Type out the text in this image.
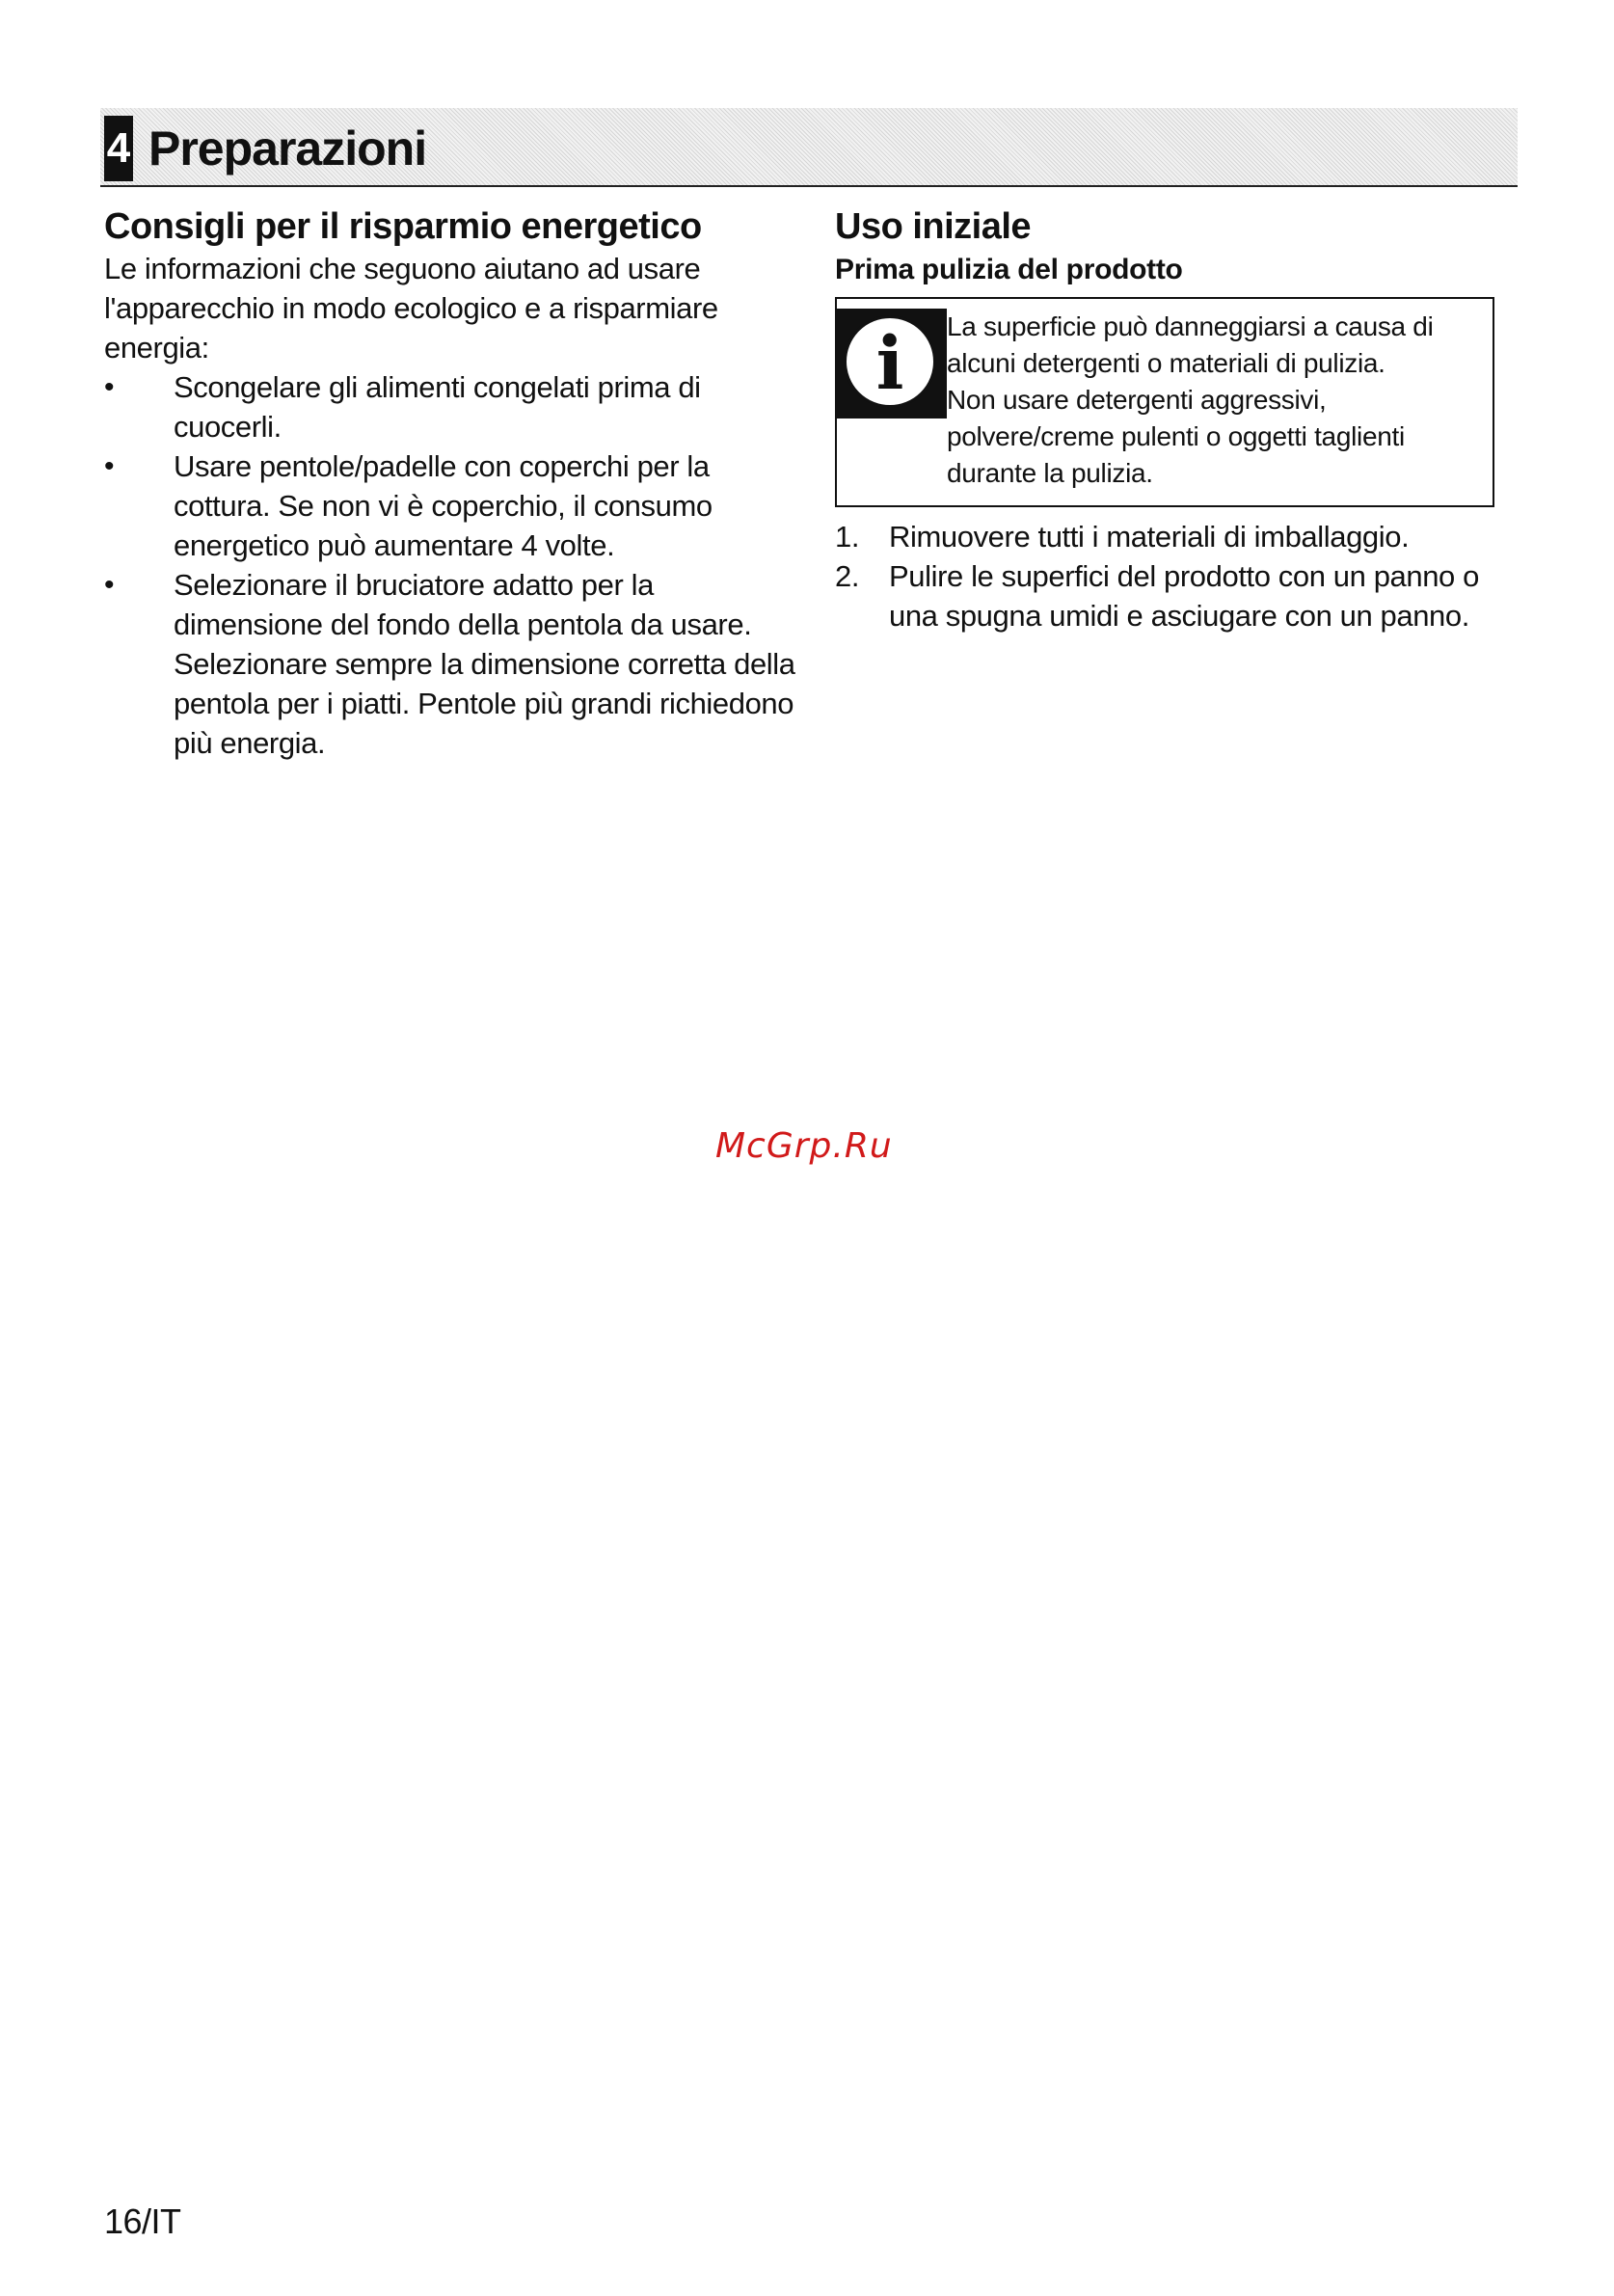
4 Preparazioni
Consigli per il risparmio energetico

Le informazioni che seguono aiutano ad usare l'apparecchio in modo ecologico e a risparmiare energia:

•	Scongelare gli alimenti congelati prima di cuocerli.
•	Usare pentole/padelle con coperchi per la cottura. Se non vi è coperchio, il consumo energetico può aumentare 4 volte.
•	Selezionare il bruciatore adatto per la dimensione del fondo della pentola da usare. Selezionare sempre la dimensione corretta della pentola per i piatti. Pentole più grandi richiedono più energia.
Uso iniziale
Prima pulizia del prodotto
i	La superficie può danneggiarsi a causa di alcuni detergenti o materiali di pulizia.
Non usare detergenti aggressivi, polvere/creme pulenti o oggetti taglienti durante la pulizia.
1. Rimuovere tutti i materiali di imballaggio.
2. Pulire le superfici del prodotto con un panno o una spugna umidi e asciugare con un panno.
McGrp.Ru
16/IT
